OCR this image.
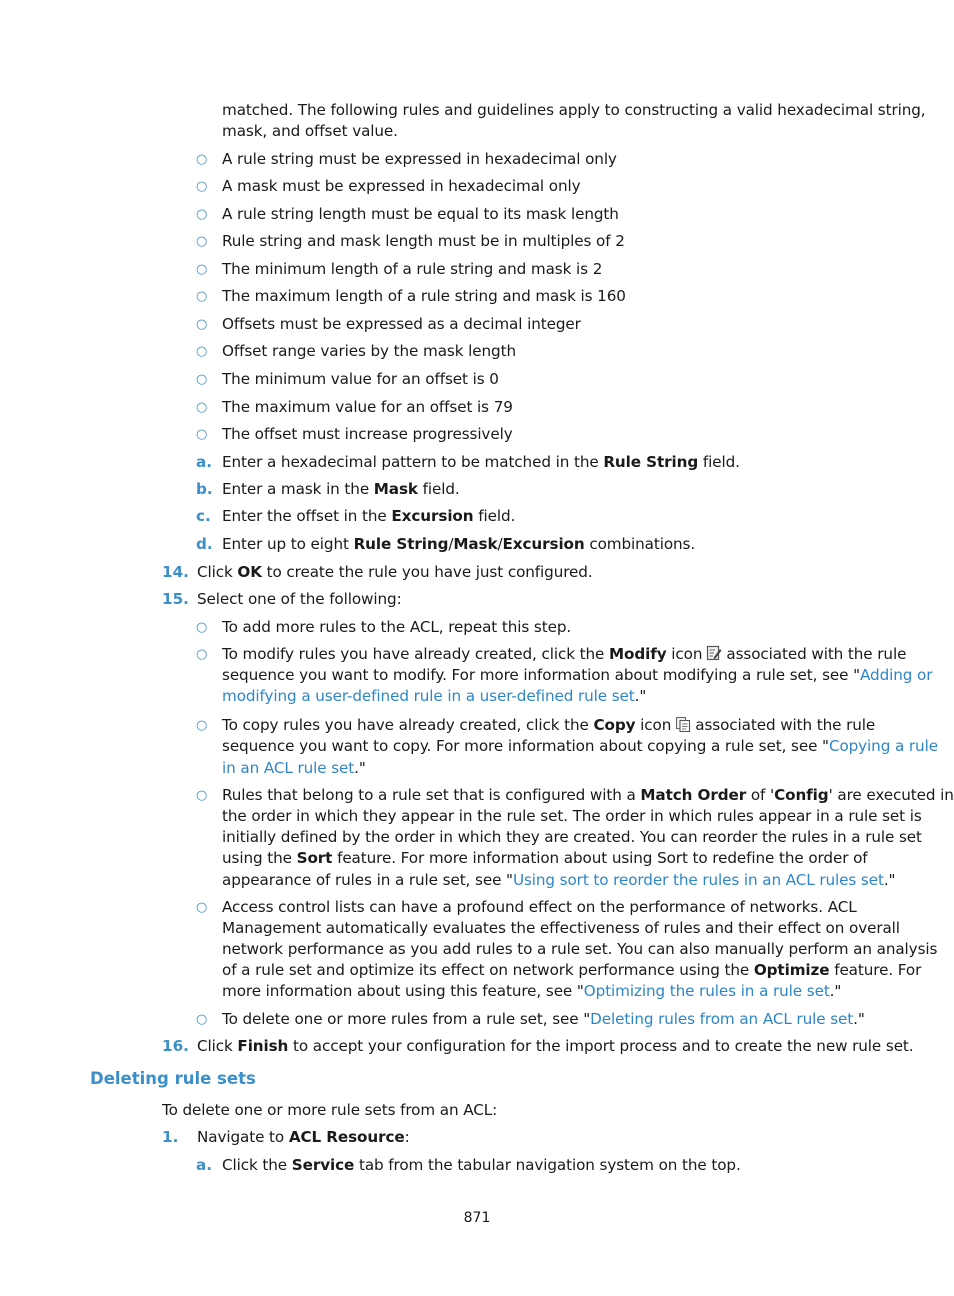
matched. The following rules and guidelines apply to constructing a valid hexadecimal string,
mask, and offset value.
○ A rule string must be expressed in hexadecimal only
○ A mask must be expressed in hexadecimal only
○ A rule string length must be equal to its mask length
○ Rule string and mask length must be in multiples of 2
○ The minimum length of a rule string and mask is 2
○ The maximum length of a rule string and mask is 160
○ Offsets must be expressed as a decimal integer
○ Offset range varies by the mask length
○ The minimum value for an offset is 0
○ The maximum value for an offset is 79
○ The offset must increase progressively
a. Enter a hexadecimal pattern to be matched in the Rule String field.
b. Enter a mask in the Mask field.
c. Enter the offset in the Excursion field.
d. Enter up to eight Rule String/Mask/Excursion combinations.
14. Click OK to create the rule you have just configured.
15. Select one of the following:
○ To add more rules to the ACL, repeat this step.
○ To modify rules you have already created, click the Modify icon associated with the rule
sequence you want to modify. For more information about modifying a rule set, see "Adding or
modifying a user-defined rule in a user-defined rule set."
○ To copy rules you have already created, click the Copy icon associated with the rule
sequence you want to copy. For more information about copying a rule set, see "Copying a rule
in an ACL rule set."
○ Rules that belong to a rule set that is configured with a Match Order of 'Config' are executed in
the order in which they appear in the rule set. The order in which rules appear in a rule set is
initially defined by the order in which they are created. You can reorder the rules in a rule set
using the Sort feature. For more information about using Sort to redefine the order of
appearance of rules in a rule set, see "Using sort to reorder the rules in an ACL rules set."
○ Access control lists can have a profound effect on the performance of networks. ACL
Management automatically evaluates the effectiveness of rules and their effect on overall
network performance as you add rules to a rule set. You can also manually perform an analysis
of a rule set and optimize its effect on network performance using the Optimize feature. For
more information about using this feature, see "Optimizing the rules in a rule set."
○ To delete one or more rules from a rule set, see "Deleting rules from an ACL rule set."
16. Click Finish to accept your configuration for the import process and to create the new rule set.
Deleting rule sets
To delete one or more rule sets from an ACL:
1. Navigate to ACL Resource:
a. Click the Service tab from the tabular navigation system on the top.
871
